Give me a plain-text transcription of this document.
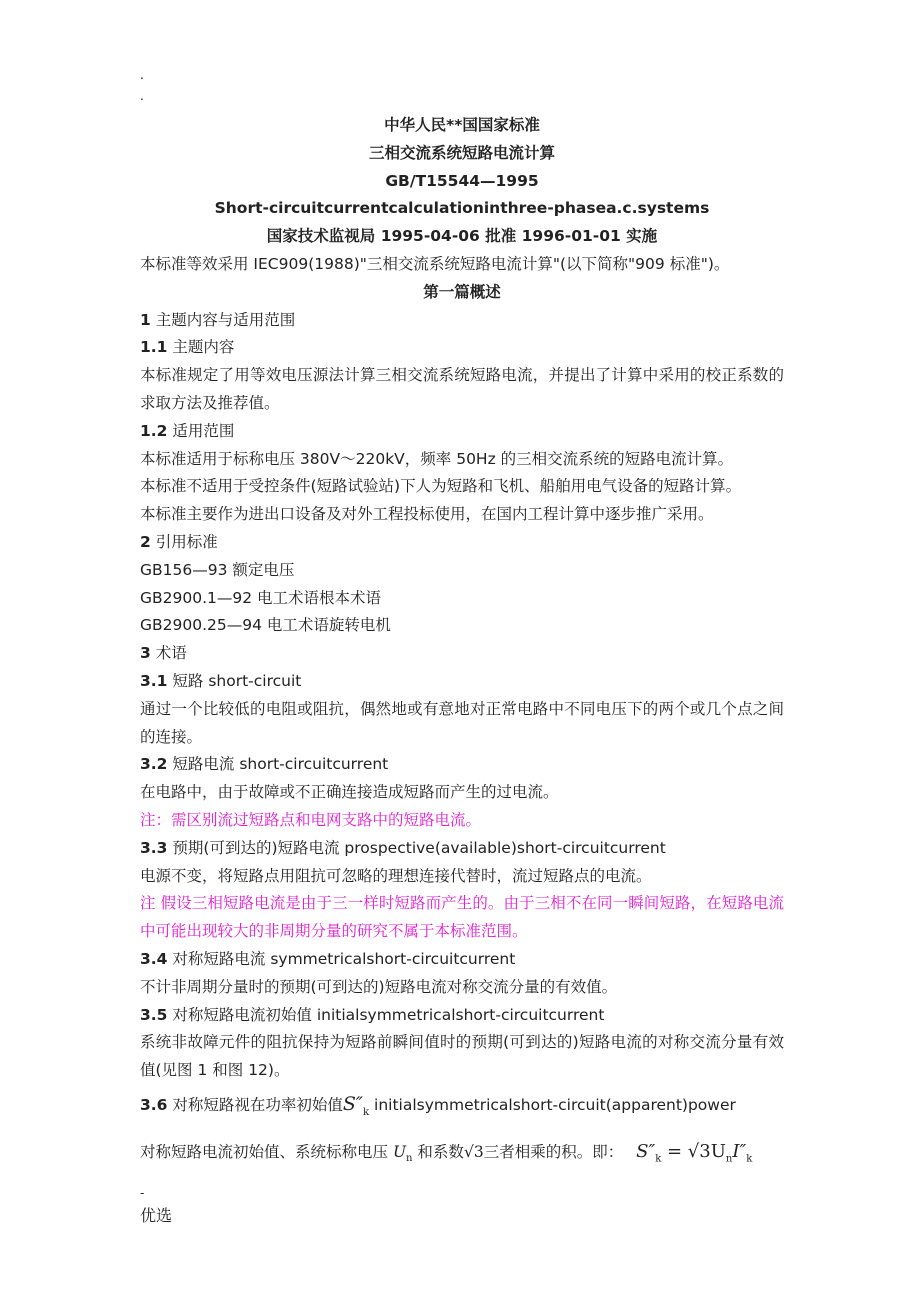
.
.
中华人民**国国家标准
三相交流系统短路电流计算
GB/T15544—1995
Short-circuitcurrentcalculationinthree-phasea.c.systems
国家技术监视局 1995-04-06 批准 1996-01-01 实施
本标准等效采用 IEC909(1988)"三相交流系统短路电流计算"(以下简称"909 标准")。
第一篇概述
1 主题内容与适用范围
1.1 主题内容
本标准规定了用等效电压源法计算三相交流系统短路电流，并提出了计算中采用的校正系数的求取方法及推荐值。
1.2 适用范围
本标准适用于标称电压 380V～220kV，频率 50Hz 的三相交流系统的短路电流计算。
本标准不适用于受控条件(短路试验站)下人为短路和飞机、船舶用电气设备的短路计算。
本标准主要作为进出口设备及对外工程投标使用，在国内工程计算中逐步推广采用。
2 引用标准
GB156—93 额定电压
GB2900.1—92 电工术语根本术语
GB2900.25—94 电工术语旋转电机
3 术语
3.1 短路 short-circuit
通过一个比较低的电阻或阻抗，偶然地或有意地对正常电路中不同电压下的两个或几个点之间的连接。
3.2 短路电流 short-circuitcurrent
在电路中，由于故障或不正确连接造成短路而产生的过电流。
注：需区别流过短路点和电网支路中的短路电流。
3.3 预期(可到达的)短路电流 prospective(available)short-circuitcurrent
电源不变，将短路点用阻抗可忽略的理想连接代替时，流过短路点的电流。
注 假设三相短路电流是由于三一样时短路而产生的。由于三相不在同一瞬间短路，在短路电流中可能出现较大的非周期分量的研究不属于本标准范围。
3.4 对称短路电流 symmetricalshort-circuitcurrent
不计非周期分量时的预期(可到达的)短路电流对称交流分量的有效值。
3.5 对称短路电流初始值 initialsymmetricalshort-circuitcurrent
系统非故障元件的阻抗保持为短路前瞬间值时的预期(可到达的)短路电流的对称交流分量有效值(见图 1 和图 12)。
3.6 对称短路视在功率初始值$S''_k$ initialsymmetricalshort-circuit(apparent)power
对称短路电流初始值、系统标称电压 $U_n$ 和系数√3三者相乘的积。即： $S''_k = √3U_nI''_k$
-
优选
